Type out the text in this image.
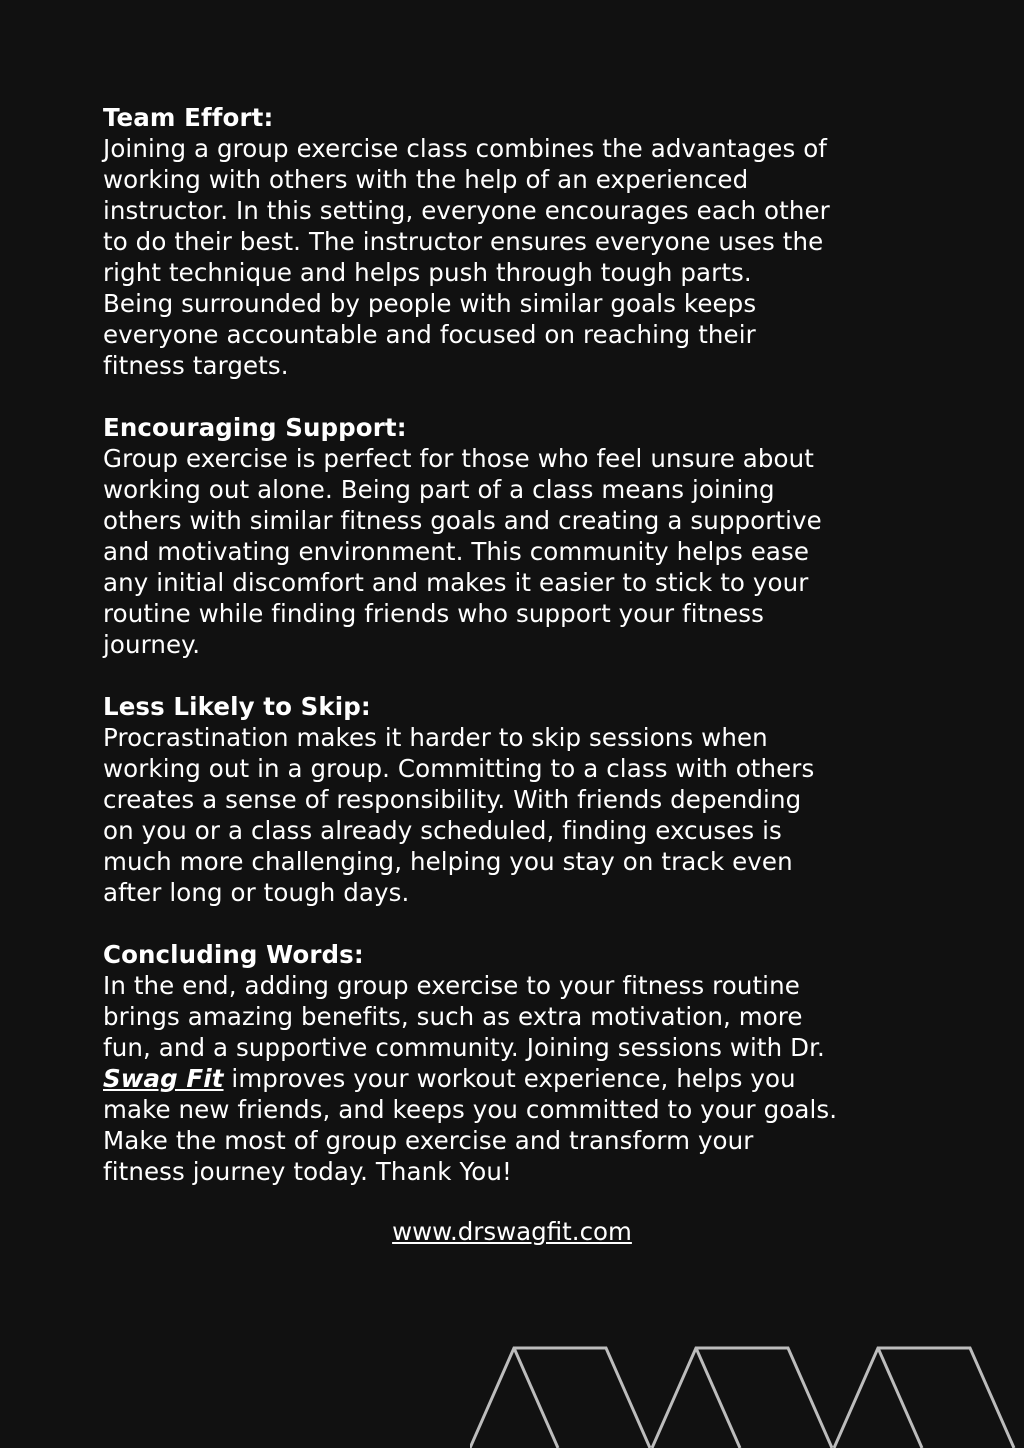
Team Effort:
Joining a group exercise class combines the advantages of
working with others with the help of an experienced
instructor. In this setting, everyone encourages each other
to do their best. The instructor ensures everyone uses the
right technique and helps push through tough parts.
Being surrounded by people with similar goals keeps
everyone accountable and focused on reaching their
fitness targets.
Encouraging Support:
Group exercise is perfect for those who feel unsure about
working out alone. Being part of a class means joining
others with similar fitness goals and creating a supportive
and motivating environment. This community helps ease
any initial discomfort and makes it easier to stick to your
routine while finding friends who support your fitness
journey.
Less Likely to Skip:
Procrastination makes it harder to skip sessions when
working out in a group. Committing to a class with others
creates a sense of responsibility. With friends depending
on you or a class already scheduled, finding excuses is
much more challenging, helping you stay on track even
after long or tough days.
Concluding Words:
In the end, adding group exercise to your fitness routine
brings amazing benefits, such as extra motivation, more
fun, and a supportive community. Joining sessions with Dr.
Swag Fit improves your workout experience, helps you
make new friends, and keeps you committed to your goals.
Make the most of group exercise and transform your
fitness journey today. Thank You!
www.drswagfit.com
